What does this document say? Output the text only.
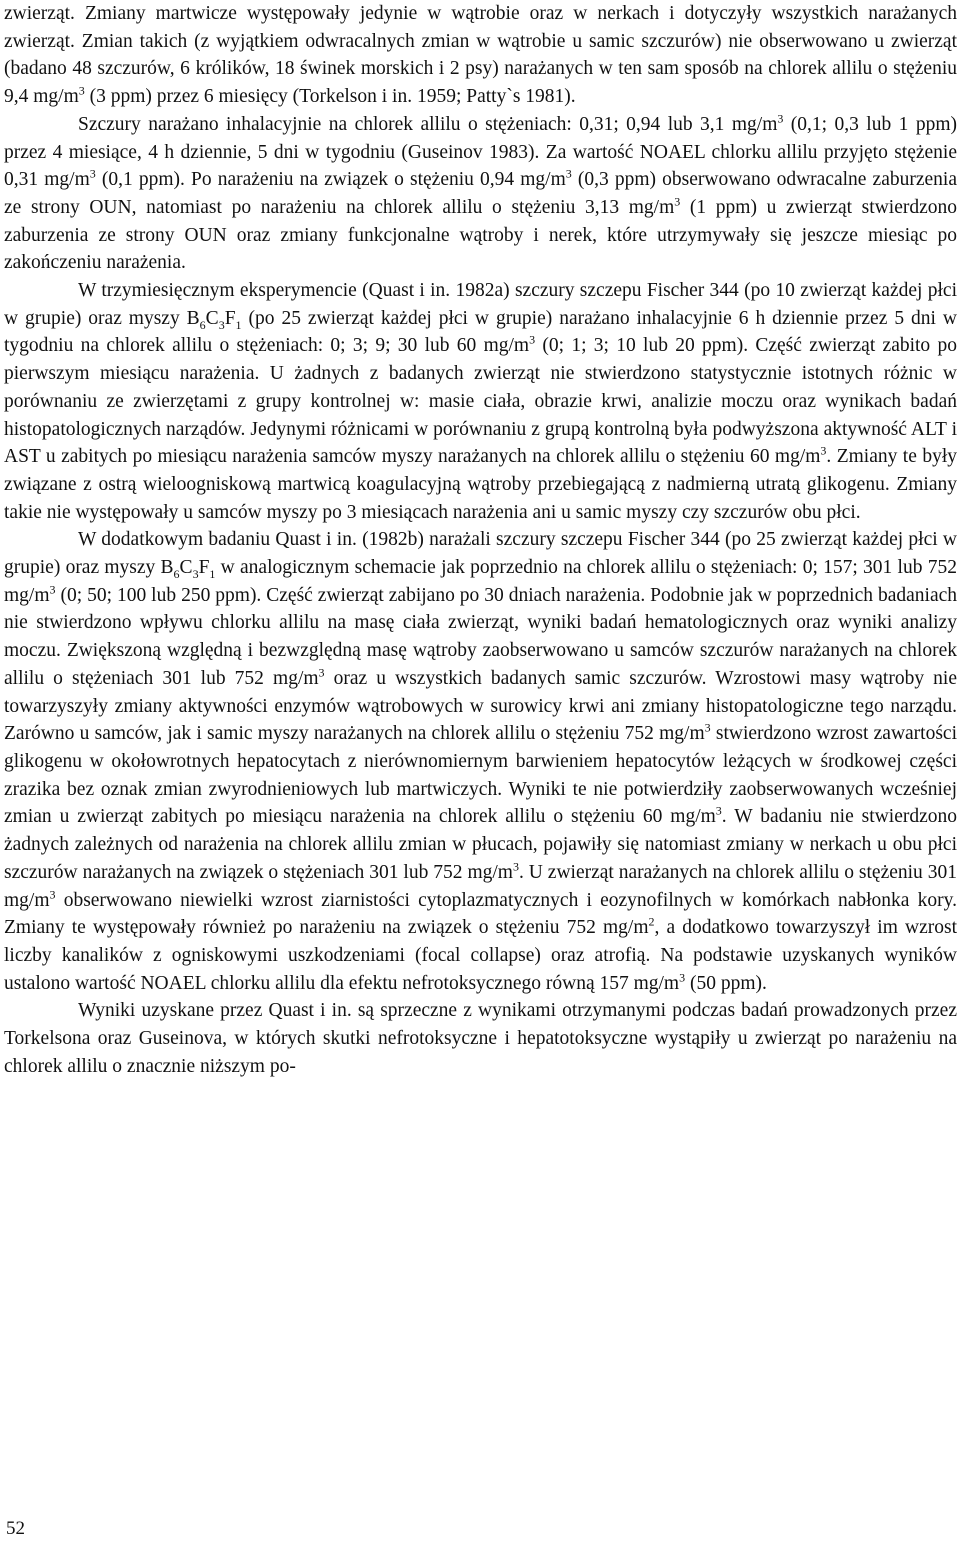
zwierząt. Zmiany martwicze występowały jedynie w wątrobie oraz w nerkach i dotyczyły wszystkich narażanych zwierząt. Zmian takich (z wyjątkiem odwracalnych zmian w wątrobie u samic szczurów) nie obserwowano u zwierząt (badano 48 szczurów, 6 królików, 18 świnek morskich i 2 psy) narażanych w ten sam sposób na chlorek allilu o stężeniu 9,4 $mg/m^3$ (3 ppm) przez 6 miesięcy (Torkelson i in. 1959; Patty`s 1981).

Szczury narażano inhalacyjnie na chlorek allilu o stężeniach: 0,31; 0,94 lub 3,1 $mg/m^3$ (0,1; 0,3 lub 1 ppm) przez 4 miesiące, 4 h dziennie, 5 dni w tygodniu (Guseinov 1983). Za wartość NOAEL chlorku allilu przyjęto stężenie 0,31 $mg/m^3$ (0,1 ppm). Po narażeniu na związek o stężeniu 0,94 $mg/m^3$ (0,3 ppm) obserwowano odwracalne zaburzenia ze strony OUN, natomiast po narażeniu na chlorek allilu o stężeniu 3,13 $mg/m^3$ (1 ppm) u zwierząt stwierdzono zaburzenia ze strony OUN oraz zmiany funkcjonalne wątroby i nerek, które utrzymywały się jeszcze miesiąc po zakończeniu narażenia.

W trzymiesięcznym eksperymencie (Quast i in. 1982a) szczury szczepu Fischer 344 (po 10 zwierząt każdej płci w grupie) oraz myszy $B_6C_3F_1$ (po 25 zwierząt każdej płci w grupie) narażano inhalacyjnie 6 h dziennie przez 5 dni w tygodniu na chlorek allilu o stężeniach: 0; 3; 9; 30 lub 60 $mg/m^3$ (0; 1; 3; 10 lub 20 ppm). Część zwierząt zabito po pierwszym miesiącu narażenia. U żadnych z badanych zwierząt nie stwierdzono statystycznie istotnych różnic w porównaniu ze zwierzętami z grupy kontrolnej w: masie ciała, obrazie krwi, analizie moczu oraz wynikach badań histopatologicznych narządów. Jedynymi różnicami w porównaniu z grupą kontrolną była podwyższona aktywność ALT i AST u zabitych po miesiącu narażenia samców myszy narażanych na chlorek allilu o stężeniu 60 $mg/m^3$. Zmiany te były związane z ostrą wieloogniskową martwicą koagulacyjną wątroby przebiegającą z nadmierną utratą glikogenu. Zmiany takie nie występowały u samców myszy po 3 miesiącach narażenia ani u samic myszy czy szczurów obu płci.

W dodatkowym badaniu Quast i in. (1982b) narażali szczury szczepu Fischer 344 (po 25 zwierząt każdej płci w grupie) oraz myszy $B_6C_3F_1$ w analogicznym schemacie jak poprzednio na chlorek allilu o stężeniach: 0; 157; 301 lub 752 $mg/m^3$ (0; 50; 100 lub 250 ppm). Część zwierząt zabijano po 30 dniach narażenia. Podobnie jak w poprzednich badaniach nie stwierdzono wpływu chlorku allilu na masę ciała zwierząt, wyniki badań hematologicznych oraz wyniki analizy moczu. Zwiększoną względną i bezwzględną masę wątroby zaobserwowano u samców szczurów narażanych na chlorek allilu o stężeniach 301 lub 752 $mg/m^3$ oraz u wszystkich badanych samic szczurów. Wzrostowi masy wątroby nie towarzyszyły zmiany aktywności enzymów wątrobowych w surowicy krwi ani zmiany histopatologiczne tego narządu. Zarówno u samców, jak i samic myszy narażanych na chlorek allilu o stężeniu 752 $mg/m^3$ stwierdzono wzrost zawartości glikogenu w okołowrotnych hepatocytach z nierównomiernym barwieniem hepatocytów leżących w środkowej części zrazika bez oznak zmian zwyrodnieniowych lub martwiczych. Wyniki te nie potwierdziły zaobserwowanych wcześniej zmian u zwierząt zabitych po miesiącu narażenia na chlorek allilu o stężeniu 60 $mg/m^3$. W badaniu nie stwierdzono żadnych zależnych od narażenia na chlorek allilu zmian w płucach, pojawiły się natomiast zmiany w nerkach u obu płci szczurów narażanych na związek o stężeniach 301 lub 752 $mg/m^3$. U zwierząt narażanych na chlorek allilu o stężeniu 301 $mg/m^3$ obserwowano niewielki wzrost ziarnistości cytoplazmatycznych i eozynofilnych w komórkach nabłonka kory. Zmiany te występowały również po narażeniu na związek o stężeniu 752 $mg/m^2$, a dodatkowo towarzyszył im wzrost liczby kanalików z ogniskowymi uszkodzeniami (focal collapse) oraz atrofią. Na podstawie uzyskanych wyników ustalono wartość NOAEL chlorku allilu dla efektu nefrotoksycznego równą 157 $mg/m^3$ (50 ppm).

Wyniki uzyskane przez Quast i in. są sprzeczne z wynikami otrzymanymi podczas badań prowadzonych przez Torkelsona oraz Guseinova, w których skutki nefrotoksyczne i hepatotoksyczne wystąpiły u zwierząt po narażeniu na chlorek allilu o znacznie niższym po-

52
